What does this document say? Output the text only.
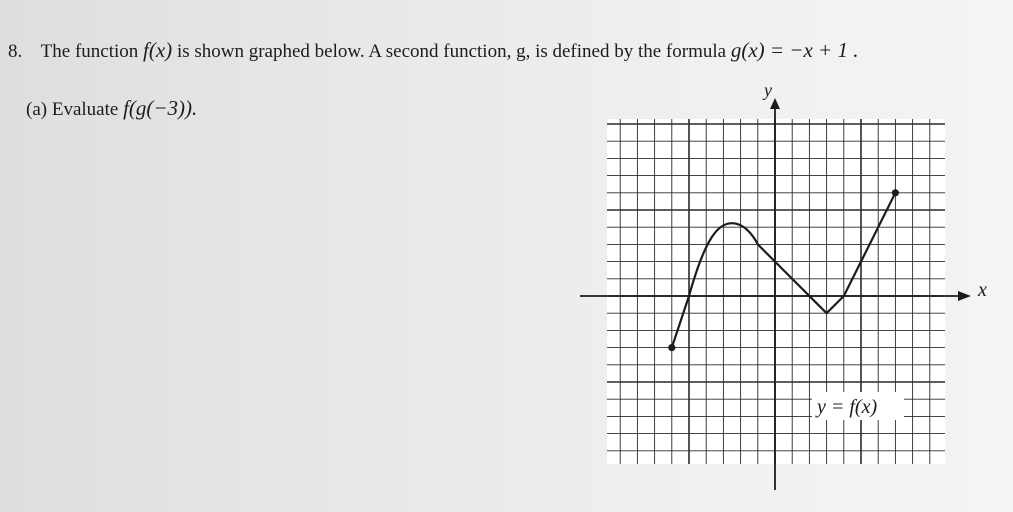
8. The function f(x) is shown graphed below. A second function, g, is defined by the formula g(x) = −x + 1 .
(a) Evaluate f(g(−3)).
x
y
y = f(x)
